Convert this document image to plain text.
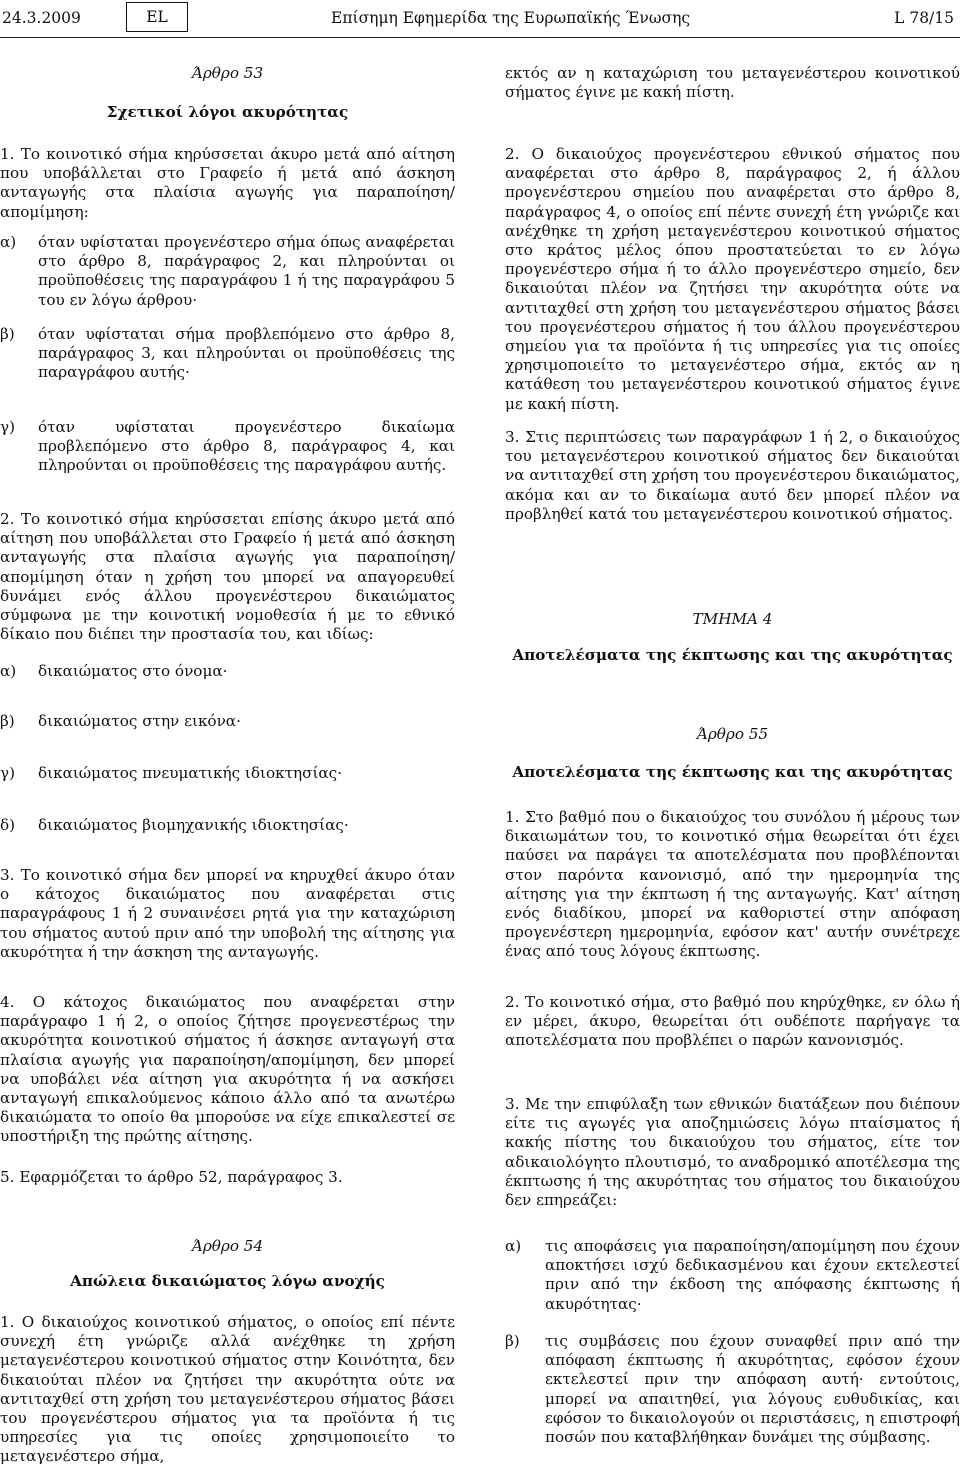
24.3.2009	EL	Επίσημη Εφημερίδα της Ευρωπαϊκής Ένωσης	L 78/15
Άρθρο 53
Σχετικοί λόγοι ακυρότητας
1. Το κοινοτικό σήμα κηρύσσεται άκυρο μετά από αίτηση που υποβάλλεται στο Γραφείο ή μετά από άσκηση ανταγωγής στα πλαίσια αγωγής για παραποίηση/απομίμηση:
α)	όταν υφίσταται προγενέστερο σήμα όπως αναφέρεται στο άρθρο 8, παράγραφος 2, και πληρούνται οι προϋποθέσεις της παραγράφου 1 ή της παραγράφου 5 του εν λόγω άρθρου·
β)	όταν υφίσταται σήμα προβλεπόμενο στο άρθρο 8, παράγραφος 3, και πληρούνται οι προϋποθέσεις της παραγράφου αυτής·
γ)	όταν υφίσταται προγενέστερο δικαίωμα προβλεπόμενο στο άρθρο 8, παράγραφος 4, και πληρούνται οι προϋποθέσεις της παραγράφου αυτής.
2. Το κοινοτικό σήμα κηρύσσεται επίσης άκυρο μετά από αίτηση που υποβάλλεται στο Γραφείο ή μετά από άσκηση ανταγωγής στα πλαίσια αγωγής για παραποίηση/απομίμηση όταν η χρήση του μπορεί να απαγορευθεί δυνάμει ενός άλλου προγενέστερου δικαιώματος σύμφωνα με την κοινοτική νομοθεσία ή με το εθνικό δίκαιο που διέπει την προστασία του, και ιδίως:
α)	δικαιώματος στο όνομα·
β)	δικαιώματος στην εικόνα·
γ)	δικαιώματος πνευματικής ιδιοκτησίας·
δ)	δικαιώματος βιομηχανικής ιδιοκτησίας·
3. Το κοινοτικό σήμα δεν μπορεί να κηρυχθεί άκυρο όταν ο κάτοχος δικαιώματος που αναφέρεται στις παραγράφους 1 ή 2 συναινέσει ρητά για την καταχώριση του σήματος αυτού πριν από την υποβολή της αίτησης για ακυρότητα ή την άσκηση της ανταγωγής.
4. Ο κάτοχος δικαιώματος που αναφέρεται στην παράγραφο 1 ή 2, ο οποίος ζήτησε προγενεστέρως την ακυρότητα κοινοτικού σήματος ή άσκησε ανταγωγή στα πλαίσια αγωγής για παραποίηση/απομίμηση, δεν μπορεί να υποβάλει νέα αίτηση για ακυρότητα ή να ασκήσει ανταγωγή επικαλούμενος κάποιο άλλο από τα ανωτέρω δικαιώματα το οποίο θα μπορούσε να είχε επικαλεστεί σε υποστήριξη της πρώτης αίτησης.
5. Εφαρμόζεται το άρθρο 52, παράγραφος 3.
Άρθρο 54
Απώλεια δικαιώματος λόγω ανοχής
1. Ο δικαιούχος κοινοτικού σήματος, ο οποίος επί πέντε συνεχή έτη γνώριζε αλλά ανέχθηκε τη χρήση μεταγενέστερου κοινοτικού σήματος στην Κοινότητα, δεν δικαιούται πλέον να ζητήσει την ακυρότητα ούτε να αντιταχθεί στη χρήση του μεταγενέστερου σήματος βάσει του προγενέστερου σήματος για τα προϊόντα ή τις υπηρεσίες για τις οποίες χρησιμοποιείτο το μεταγενέστερο σήμα,
εκτός αν η καταχώριση του μεταγενέστερου κοινοτικού σήματος έγινε με κακή πίστη.
2. Ο δικαιούχος προγενέστερου εθνικού σήματος που αναφέρεται στο άρθρο 8, παράγραφος 2, ή άλλου προγενέστερου σημείου που αναφέρεται στο άρθρο 8, παράγραφος 4, ο οποίος επί πέντε συνεχή έτη γνώριζε και ανέχθηκε τη χρήση μεταγενέστερου κοινοτικού σήματος στο κράτος μέλος όπου προστατεύεται το εν λόγω προγενέστερο σήμα ή το άλλο προγενέστερο σημείο, δεν δικαιούται πλέον να ζητήσει την ακυρότητα ούτε να αντιταχθεί στη χρήση του μεταγενέστερου σήματος βάσει του προγενέστερου σήματος ή του άλλου προγενέστερου σημείου για τα προϊόντα ή τις υπηρεσίες για τις οποίες χρησιμοποιείτο το μεταγενέστερο σήμα, εκτός αν η κατάθεση του μεταγενέστερου κοινοτικού σήματος έγινε με κακή πίστη.
3. Στις περιπτώσεις των παραγράφων 1 ή 2, ο δικαιούχος του μεταγενέστερου κοινοτικού σήματος δεν δικαιούται να αντιταχθεί στη χρήση του προγενέστερου δικαιώματος, ακόμα και αν το δικαίωμα αυτό δεν μπορεί πλέον να προβληθεί κατά του μεταγενέστερου κοινοτικού σήματος.
ΤΜΗΜΑ 4
Αποτελέσματα της έκπτωσης και της ακυρότητας
Άρθρο 55
Αποτελέσματα της έκπτωσης και της ακυρότητας
1. Στο βαθμό που ο δικαιούχος του συνόλου ή μέρους των δικαιωμάτων του, το κοινοτικό σήμα θεωρείται ότι έχει παύσει να παράγει τα αποτελέσματα που προβλέπονται στον παρόντα κανονισμό, από την ημερομηνία της αίτησης για την έκπτωση ή της ανταγωγής. Κατ' αίτηση ενός διαδίκου, μπορεί να καθοριστεί στην απόφαση προγενέστερη ημερομηνία, εφόσον κατ' αυτήν συνέτρεχε ένας από τους λόγους έκπτωσης.
2. Το κοινοτικό σήμα, στο βαθμό που κηρύχθηκε, εν όλω ή εν μέρει, άκυρο, θεωρείται ότι ουδέποτε παρήγαγε τα αποτελέσματα που προβλέπει ο παρών κανονισμός.
3. Με την επιφύλαξη των εθνικών διατάξεων που διέπουν είτε τις αγωγές για αποζημιώσεις λόγω πταίσματος ή κακής πίστης του δικαιούχου του σήματος, είτε τον αδικαιολόγητο πλουτισμό, το αναδρομικό αποτέλεσμα της έκπτωσης ή της ακυρότητας του σήματος του δικαιούχου δεν επηρεάζει:
α)	τις αποφάσεις για παραποίηση/απομίμηση που έχουν αποκτήσει ισχύ δεδικασμένου και έχουν εκτελεστεί πριν από την έκδοση της απόφασης έκπτωσης ή ακυρότητας·
β)	τις συμβάσεις που έχουν συναφθεί πριν από την απόφαση έκπτωσης ή ακυρότητας, εφόσον έχουν εκτελεστεί πριν την απόφαση αυτή· εντούτοις, μπορεί να απαιτηθεί, για λόγους ευθυδικίας, και εφόσον το δικαιολογούν οι περιστάσεις, η επιστροφή ποσών που καταβλήθηκαν δυνάμει της σύμβασης.
